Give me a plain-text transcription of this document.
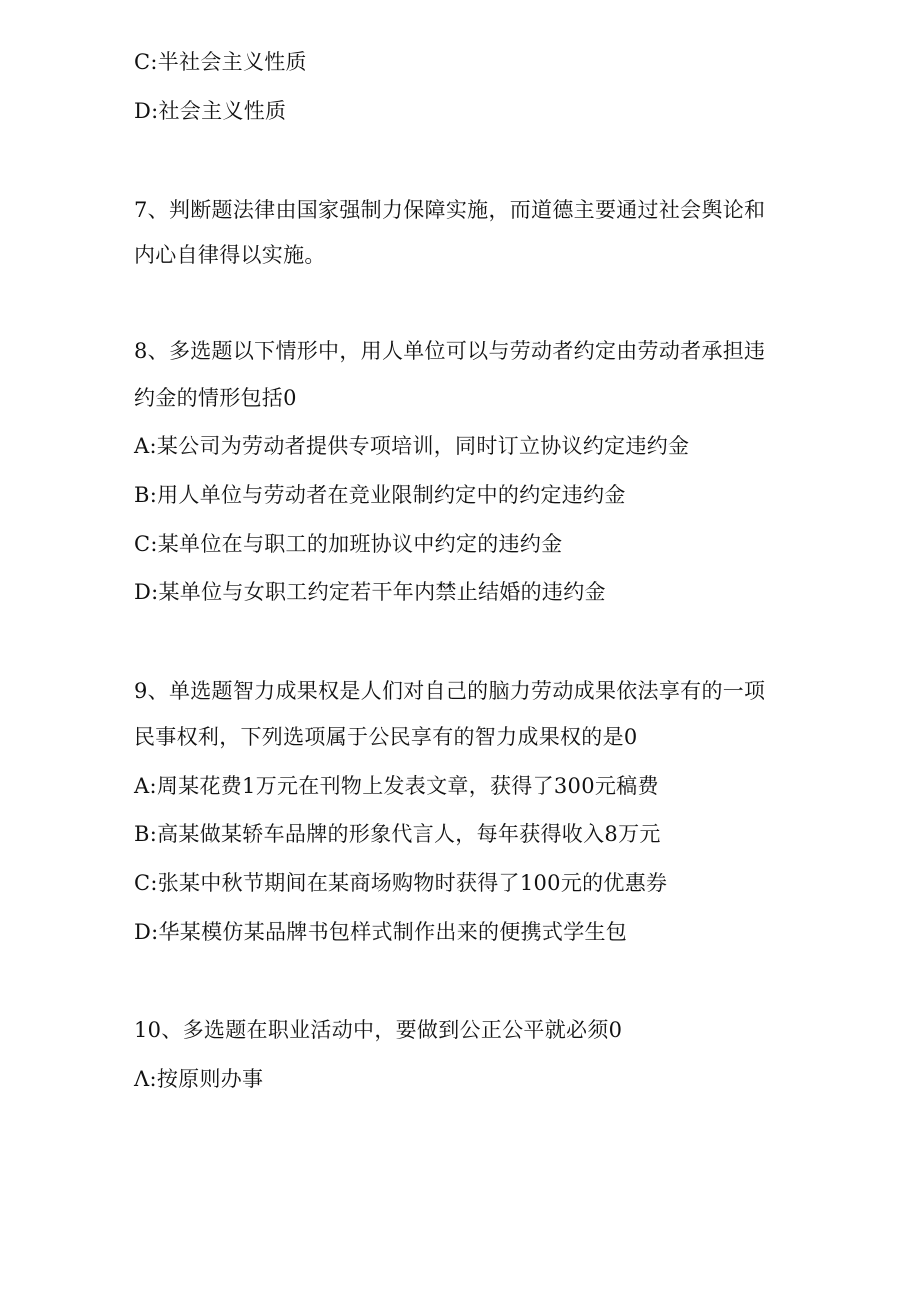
C:半社会主义性质
D:社会主义性质
7、判断题法律由国家强制力保障实施，而道德主要通过社会舆论和
内心自律得以实施。
8、多选题以下情形中，用人单位可以与劳动者约定由劳动者承担违
约金的情形包括0
A:某公司为劳动者提供专项培训，同时订立协议约定违约金
B:用人单位与劳动者在竞业限制约定中的约定违约金
C:某单位在与职工的加班协议中约定的违约金
D:某单位与女职工约定若干年内禁止结婚的违约金
9、单选题智力成果权是人们对自己的脑力劳动成果依法享有的一项
民事权利，下列选项属于公民享有的智力成果权的是0
A:周某花费1万元在刊物上发表文章，获得了300元稿费
B:高某做某轿车品牌的形象代言人，每年获得收入8万元
C:张某中秋节期间在某商场购物时获得了100元的优惠券
D:华某模仿某品牌书包样式制作出来的便携式学生包
10、多选题在职业活动中，要做到公正公平就必须0
Λ:按原则办事
